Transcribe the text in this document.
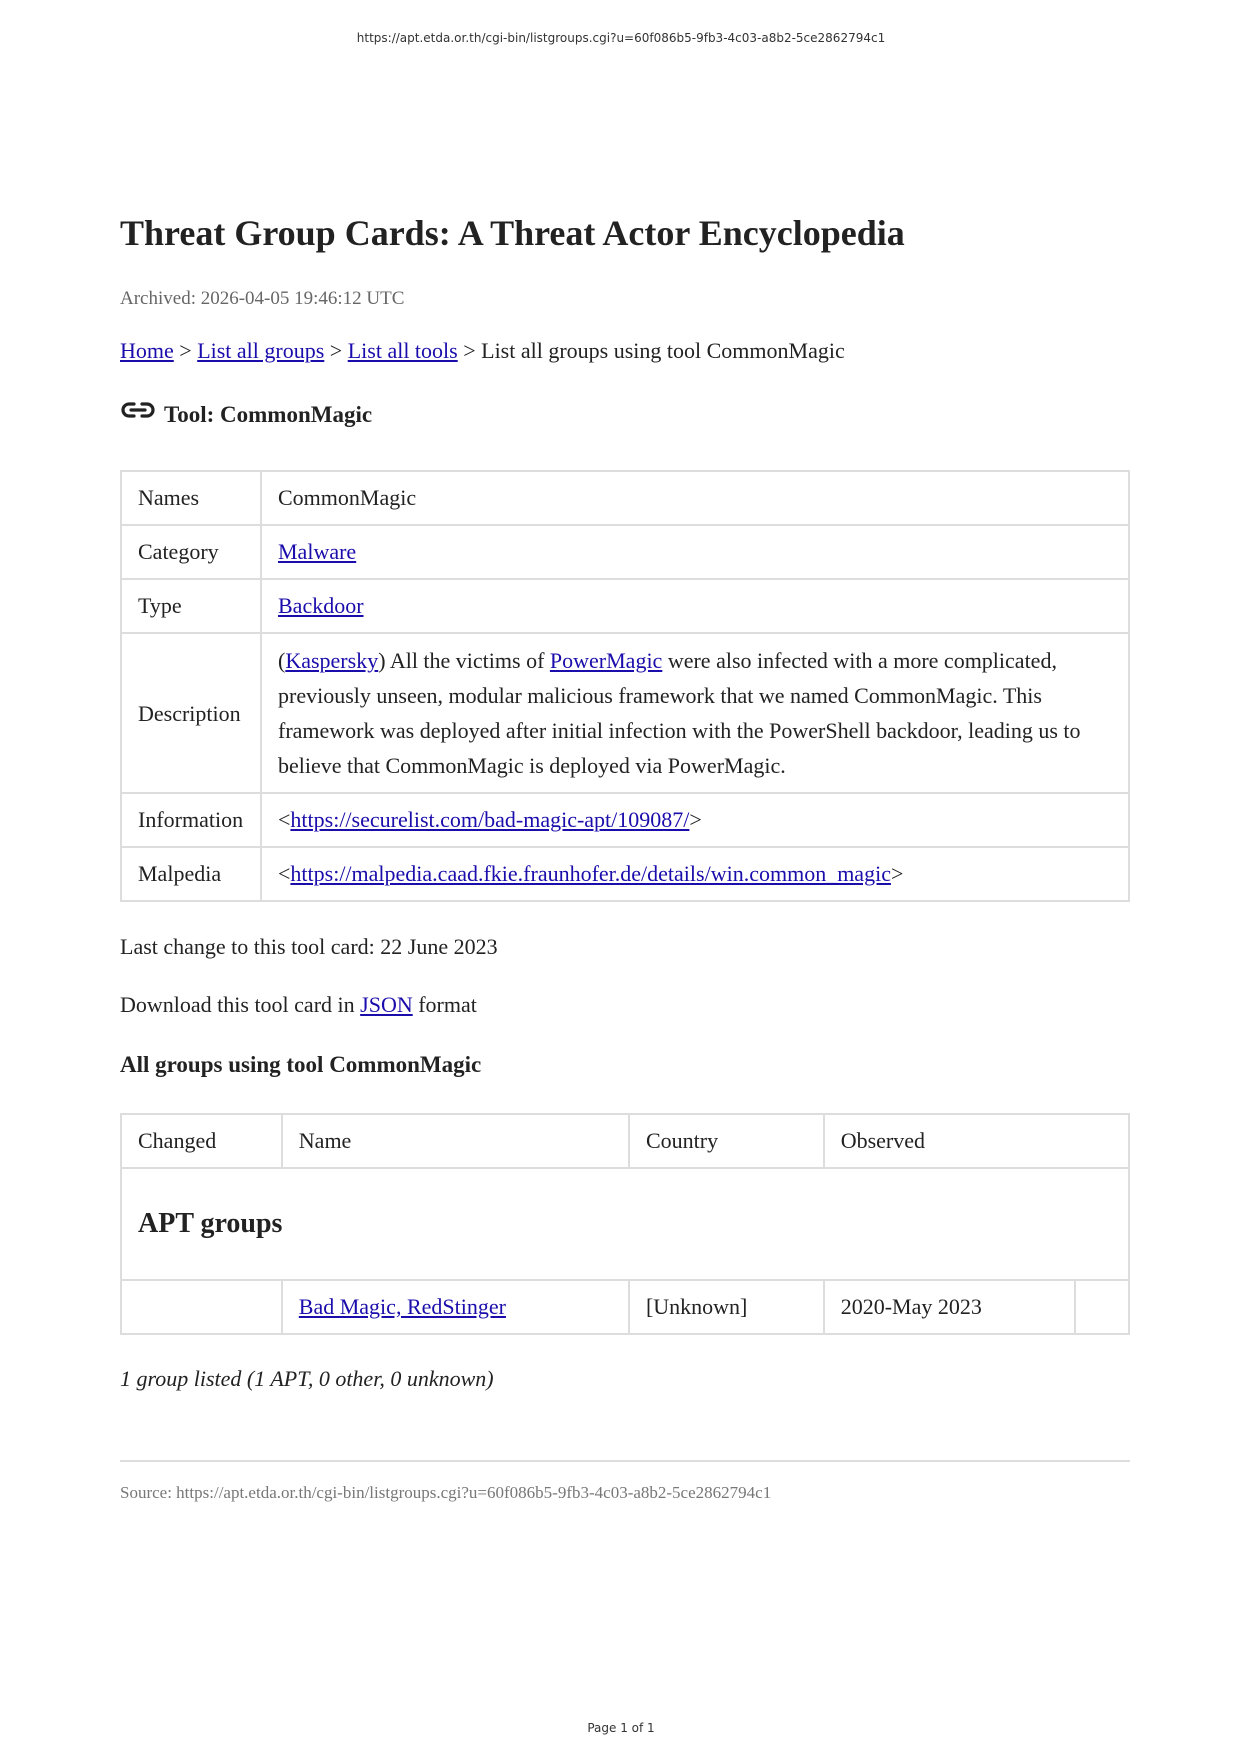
https://apt.etda.or.th/cgi-bin/listgroups.cgi?u=60f086b5-9fb3-4c03-a8b2-5ce2862794c1
Threat Group Cards: A Threat Actor Encyclopedia
Archived: 2026-04-05 19:46:12 UTC
Home > List all groups > List all tools > List all groups using tool CommonMagic
Tool: CommonMagic
Names	CommonMagic
Category	Malware
Type	Backdoor
Description	(Kaspersky) All the victims of PowerMagic were also infected with a more complicated, previously unseen, modular malicious framework that we named CommonMagic. This framework was deployed after initial infection with the PowerShell backdoor, leading us to believe that CommonMagic is deployed via PowerMagic.
Information	<https://securelist.com/bad-magic-apt/109087/>
Malpedia	<https://malpedia.caad.fkie.fraunhofer.de/details/win.common_magic>
Last change to this tool card: 22 June 2023
Download this tool card in JSON format
All groups using tool CommonMagic
Changed	Name	Country	Observed	
APT groups				
	Bad Magic, RedStinger	[Unknown]	2020-May 2023	
1 group listed (1 APT, 0 other, 0 unknown)
Source: https://apt.etda.or.th/cgi-bin/listgroups.cgi?u=60f086b5-9fb3-4c03-a8b2-5ce2862794c1
Page 1 of 1
